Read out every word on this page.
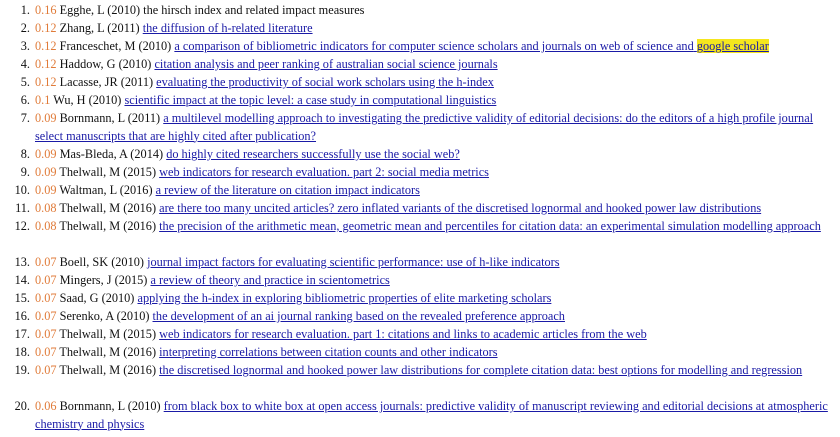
1. 0.16 Egghe, L (2010) the hirsch index and related impact measures
2. 0.12 Zhang, L (2011) the diffusion of h-related literature
3. 0.12 Franceschet, M (2010) a comparison of bibliometric indicators for computer science scholars and journals on web of science and google scholar
4. 0.12 Haddow, G (2010) citation analysis and peer ranking of australian social science journals
5. 0.12 Lacasse, JR (2011) evaluating the productivity of social work scholars using the h-index
6. 0.1 Wu, H (2010) scientific impact at the topic level: a case study in computational linguistics
7. 0.09 Bornmann, L (2011) a multilevel modelling approach to investigating the predictive validity of editorial decisions: do the editors of a high profile journal select manuscripts that are highly cited after publication?
8. 0.09 Mas-Bleda, A (2014) do highly cited researchers successfully use the social web?
9. 0.09 Thelwall, M (2015) web indicators for research evaluation. part 2: social media metrics
10. 0.09 Waltman, L (2016) a review of the literature on citation impact indicators
11. 0.08 Thelwall, M (2016) are there too many uncited articles? zero inflated variants of the discretised lognormal and hooked power law distributions
12. 0.08 Thelwall, M (2016) the precision of the arithmetic mean, geometric mean and percentiles for citation data: an experimental simulation modelling approach
13. 0.07 Boell, SK (2010) journal impact factors for evaluating scientific performance: use of h-like indicators
14. 0.07 Mingers, J (2015) a review of theory and practice in scientometrics
15. 0.07 Saad, G (2010) applying the h-index in exploring bibliometric properties of elite marketing scholars
16. 0.07 Serenko, A (2010) the development of an ai journal ranking based on the revealed preference approach
17. 0.07 Thelwall, M (2015) web indicators for research evaluation. part 1: citations and links to academic articles from the web
18. 0.07 Thelwall, M (2016) interpreting correlations between citation counts and other indicators
19. 0.07 Thelwall, M (2016) the discretised lognormal and hooked power law distributions for complete citation data: best options for modelling and regression
20. 0.06 Bornmann, L (2010) from black box to white box at open access journals: predictive validity of manuscript reviewing and editorial decisions at atmospheric chemistry and physics
